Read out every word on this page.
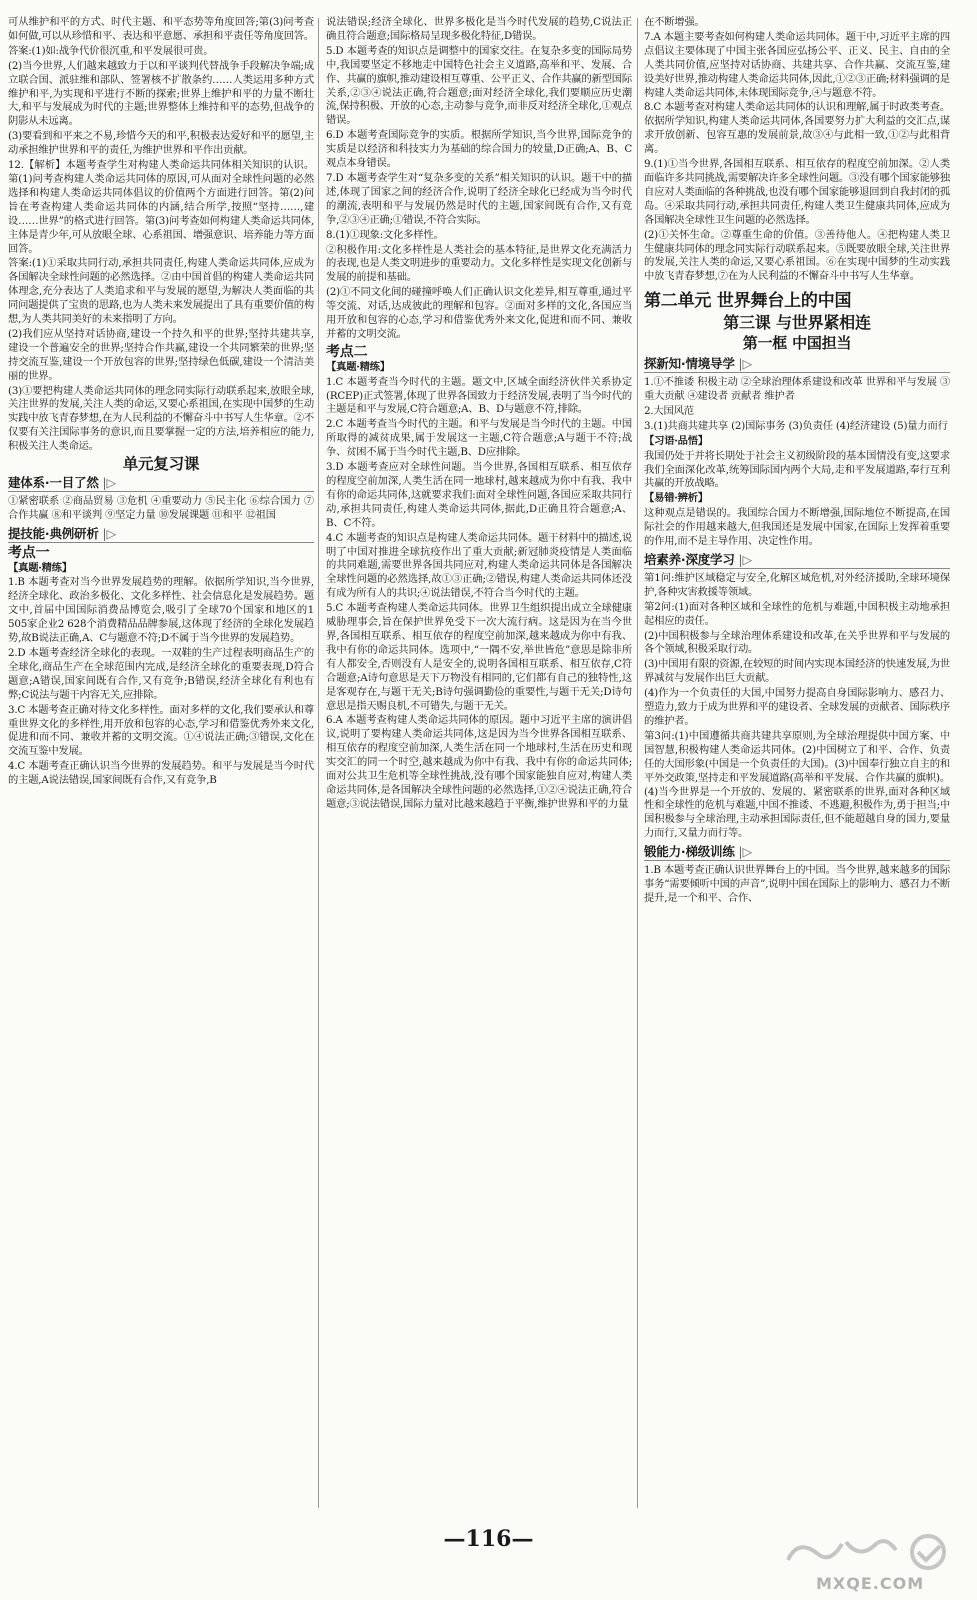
可从维护和平的方式、时代主题、和平态势等角度回答;第(3)问考查如何做,可以从珍惜和平、表达和平意愿、承担和平责任等角度回答。

答案:(1)如:战争代价很沉重,和平发展很可贵。

(2)当今世界,人们越来越致力于以和平谈判代替战争手段解决争端;成立联合国、派驻维和部队、签署核不扩散条约……人类运用多种方式维护和平,为实现和平进行不断的探索;世界上维护和平的力量不断壮大,和平与发展成为时代的主题;世界整体上维持和平的态势,但战争的阴影从未远离。

(3)要看到和平来之不易,珍惜今天的和平,积极表达爱好和平的愿望,主动承担维护世界和平的责任,为维护世界和平作出贡献。

12.【解析】本题考查学生对构建人类命运共同体相关知识的认识。第(1)问考查构建人类命运共同体的原因,可从面对全球性问题的必然选择和构建人类命运共同体倡议的价值两个方面进行回答。第(2)问旨在考查构建人类命运共同体的内涵,结合所学,按照“坚持……,建设……世界”的格式进行回答。第(3)问考查如何构建人类命运共同体,主体是青少年,可从放眼全球、心系祖国、增强意识、培养能力等方面回答。

答案:(1)①采取共同行动,承担共同责任,构建人类命运共同体,应成为各国解决全球性问题的必然选择。②由中国首倡的构建人类命运共同体理念,充分表达了人类追求和平与发展的愿望,为解决人类面临的共同问题提供了宝贵的思路,也为人类未来发展提出了具有重要价值的构想,为人类共同美好的未来指明了方向。

(2)我们应从坚持对话协商,建设一个持久和平的世界;坚持共建共享,建设一个普遍安全的世界;坚持合作共赢,建设一个共同繁荣的世界;坚持交流互鉴,建设一个开放包容的世界;坚持绿色低碳,建设一个清洁美丽的世界。

(3)①要把构建人类命运共同体的理念同实际行动联系起来,放眼全球,关注世界的发展,关注人类的命运,又要心系祖国,在实现中国梦的生动实践中放飞青春梦想,在为人民利益的不懈奋斗中书写人生华章。②不仅要有关注国际事务的意识,而且要掌握一定的方法,培养相应的能力,积极关注人类命运。

单元复习课
建体系·一目了然 |▷

①紧密联系 ②商品贸易 ③危机 ④重要动力 ⑤民主化 ⑥综合国力 ⑦合作共赢 ⑧和平谈判 ⑨坚定力量 ⑩发展课题 ⑪和平 ⑫祖国

提技能·典例研析 |▷
考点一
【真题·精练】

1.B 本题考查对当今世界发展趋势的理解。依据所学知识,当今世界,经济全球化、政治多极化、文化多样性、社会信息化是发展趋势。题文中,首届中国国际消费品博览会,吸引了全球70个国家和地区的1 505家企业2 628个消费精品品牌参展,这体现了经济的全球化发展趋势,故B说法正确,A、C与题意不符;D不属于当今世界的发展趋势。

2.D 本题考查经济全球化的表现。一双鞋的生产过程表明商品生产的全球化,商品生产在全球范围内完成,是经济全球化的重要表现,D符合题意;A错误,国家间既有合作,又有竞争;B错误,经济全球化有利也有弊;C说法与题干内容无关,应排除。

3.C 本题考查正确对待文化多样性。面对多样的文化,我们要承认和尊重世界文化的多样性,用开放和包容的心态,学习和借鉴优秀外来文化,促进和而不同、兼收并蓄的文明交流。①④说法正确;③错误,文化在交流互鉴中发展。

4.C 本题考查正确认识当今世界的发展趋势。和平与发展是当今时代的主题,A说法错误,国家间既有合作,又有竞争,B

说法错误;经济全球化、世界多极化是当今时代发展的趋势,C说法正确且符合题意;国际格局呈现多极化特征,D错误。

5.D 本题考查的知识点是调整中的国家交往。在复杂多变的国际局势中,我国要坚定不移地走中国特色社会主义道路,高举和平、发展、合作、共赢的旗帜,推动建设相互尊重、公平正义、合作共赢的新型国际关系,②③④说法正确,符合题意;面对经济全球化,我们要顺应历史潮流,保持积极、开放的心态,主动参与竞争,而非反对经济全球化,①观点错误。

6.D 本题考查国际竞争的实质。根据所学知识,当今世界,国际竞争的实质是以经济和科技实力为基础的综合国力的较量,D正确;A、B、C观点本身错误。

7.D 本题考查学生对“复杂多变的关系”相关知识的认识。题干中的描述,体现了国家之间的经济合作,说明了经济全球化已经成为当今时代的潮流,表明和平与发展仍然是时代的主题,国家间既有合作,又有竞争,②③④正确;①错误,不符合实际。

8.(1)①现象:文化多样性。

②积极作用:文化多样性是人类社会的基本特征,是世界文化充满活力的表现,也是人类文明进步的重要动力。文化多样性是实现文化创新与发展的前提和基础。

(2)①不同文化间的碰撞呼唤人们正确认识文化差异,相互尊重,通过平等交流、对话,达成彼此的理解和包容。②面对多样的文化,各国应当用开放和包容的心态,学习和借鉴优秀外来文化,促进和而不同、兼收并蓄的文明交流。

考点二
【真题·精练】

1.C 本题考查当今时代的主题。题文中,区域全面经济伙伴关系协定(RCEP)正式签署,体现了世界各国致力于经济发展,表明了当今时代的主题是和平与发展,C符合题意;A、B、D与题意不符,排除。

2.C 本题考查当今时代的主题。和平与发展是当今时代的主题。中国所取得的减贫成果,属于发展这一主题,C符合题意;A与题干不符;战争、贫困不属于当今时代主题,B、D应排除。

3.D 本题考查应对全球性问题。当今世界,各国相互联系、相互依存的程度空前加深,人类生活在同一地球村,越来越成为你中有我、我中有你的命运共同体,这就要求我们:面对全球性问题,各国应采取共同行动,承担共同责任,构建人类命运共同体,据此,D正确且符合题意;A、B、C不符。

4.C 本题考查的知识点是构建人类命运共同体。题干材料中的描述,说明了中国对推进全球抗疫作出了重大贡献;新冠肺炎疫情是人类面临的共同难题,需要世界各国共同应对,构建人类命运共同体是各国解决全球性问题的必然选择,故①③正确;②错误,构建人类命运共同体还没有成为所有人的共识;④说法错误,不符合当今时代的主题。

5.C 本题考查构建人类命运共同体。世界卫生组织提出成立全球健康威胁理事会,旨在保护世界免受下一次大流行病。这是因为在当今世界,各国相互联系、相互依存的程度空前加深,越来越成为你中有我、我中有你的命运共同体。选项中,“一隅不安,举世皆危”意思是除非所有人都安全,否则没有人是安全的,说明各国相互联系、相互依存,C符合题意;A诗句意思是天下万物没有相同的,它们都有自己的独特性,这是客观存在,与题干无关;B诗句强调勤俭的重要性,与题干无关;D诗句意思是指天赐良机,不可错失,与题干无关。

6.A 本题考查构建人类命运共同体的原因。题中习近平主席的演讲倡议,说明了要构建人类命运共同体,这是因为当今世界各国相互联系、相互依存的程度空前加深,人类生活在同一个地球村,生活在历史和现实交汇的同一个时空,越来越成为你中有我、我中有你的命运共同体;面对公共卫生危机等全球性挑战,没有哪个国家能独自应对,构建人类命运共同体,是各国解决全球性问题的必然选择,①②④说法正确,符合题意;③说法错误,国际力量对比越来越趋于平衡,维护世界和平的力量

在不断增强。

7.A 本题主要考查如何构建人类命运共同体。题干中,习近平主席的四点倡议主要体现了中国主张各国应弘扬公平、正义、民主、自由的全人类共同价值,应坚持对话协商、共建共享、合作共赢、交流互鉴,建设美好世界,推动构建人类命运共同体,因此,①②③正确;材料强调的是构建人类命运共同体,未体现国际竞争,④与题意不符。

8.C 本题考查对构建人类命运共同体的认识和理解,属于时政类考查。依据所学知识,构建人类命运共同体,各国要努力扩大利益的交汇点,谋求开放创新、包容互惠的发展前景,故③④与此相一致,①②与此相背离。

9.(1)①当今世界,各国相互联系、相互依存的程度空前加深。②人类面临许多共同挑战,需要解决许多全球性问题。③没有哪个国家能够独自应对人类面临的各种挑战,也没有哪个国家能够退回到自我封闭的孤岛。④采取共同行动,承担共同责任,构建人类卫生健康共同体,应成为各国解决全球性卫生问题的必然选择。

(2)①关怀生命。②尊重生命的价值。③善待他人。④把构建人类卫生健康共同体的理念同实际行动联系起来。⑤既要放眼全球,关注世界的发展,关注人类的命运,又要心系祖国。⑥在实现中国梦的生动实践中放飞青春梦想,⑦在为人民利益的不懈奋斗中书写人生华章。

第二单元 世界舞台上的中国
第三课 与世界紧相连
第一框 中国担当
探新知·情境导学 |▷

1.①不推诿 积极主动 ②全球治理体系建设和改革 世界和平与发展 ③重大贡献 ④建设者 贡献者 维护者

2.大国风范

3.(1)共商共建共享 (2)国际事务 (3)负责任 (4)经济建设 (5)量力而行

【习语·品悟】

我国仍处于并将长期处于社会主义初级阶段的基本国情没有变,这要求我们全面深化改革,统筹国际国内两个大局,走和平发展道路,奉行互利共赢的开放战略。

【易错·辨析】

这种观点是错误的。我国综合国力不断增强,国际地位不断提高,在国际社会的作用越来越大,但我国还是发展中国家,在国际上发挥着重要的作用,而不是主导作用、决定性作用。

培素养·深度学习 |▷

第1问:维护区域稳定与安全,化解区域危机,对外经济援助,全球环境保护,各种灾害救援等领域。

第2问:(1)面对各种区域和全球性的危机与难题,中国积极主动地承担起相应的责任。

(2)中国积极参与全球治理体系建设和改革,在关乎世界和平与发展的各个领域,积极采取行动。

(3)中国用有限的资源,在较短的时间内实现本国经济的快速发展,为世界减贫与发展作出巨大贡献。

(4)作为一个负责任的大国,中国努力提高自身国际影响力、感召力、塑造力,致力于成为世界和平的建设者、全球发展的贡献者、国际秩序的维护者。

第3问:(1)中国遵循共商共建共享原则,为全球治理提供中国方案、中国智慧,积极构建人类命运共同体。(2)中国树立了和平、合作、负责任的大国形象(中国是一个负责任的大国)。(3)中国奉行独立自主的和平外交政策,坚持走和平发展道路(高举和平发展、合作共赢的旗帜)。(4)当今世界是一个开放的、发展的、紧密联系的世界,面对各种区域性和全球性的危机与难题,中国不推诿、不逃避,积极作为,勇于担当;中国积极参与全球治理,主动承担国际责任,但不能超越自身的国力,要量力而行,又量力而行等。

锻能力·梯级训练 |▷

1.B 本题考查正确认识世界舞台上的中国。当今世界,越来越多的国际事务“需要倾听中国的声音”,说明中国在国际上的影响力、感召力不断提升,是一个和平、合作、

—116—
MXQE.COM
